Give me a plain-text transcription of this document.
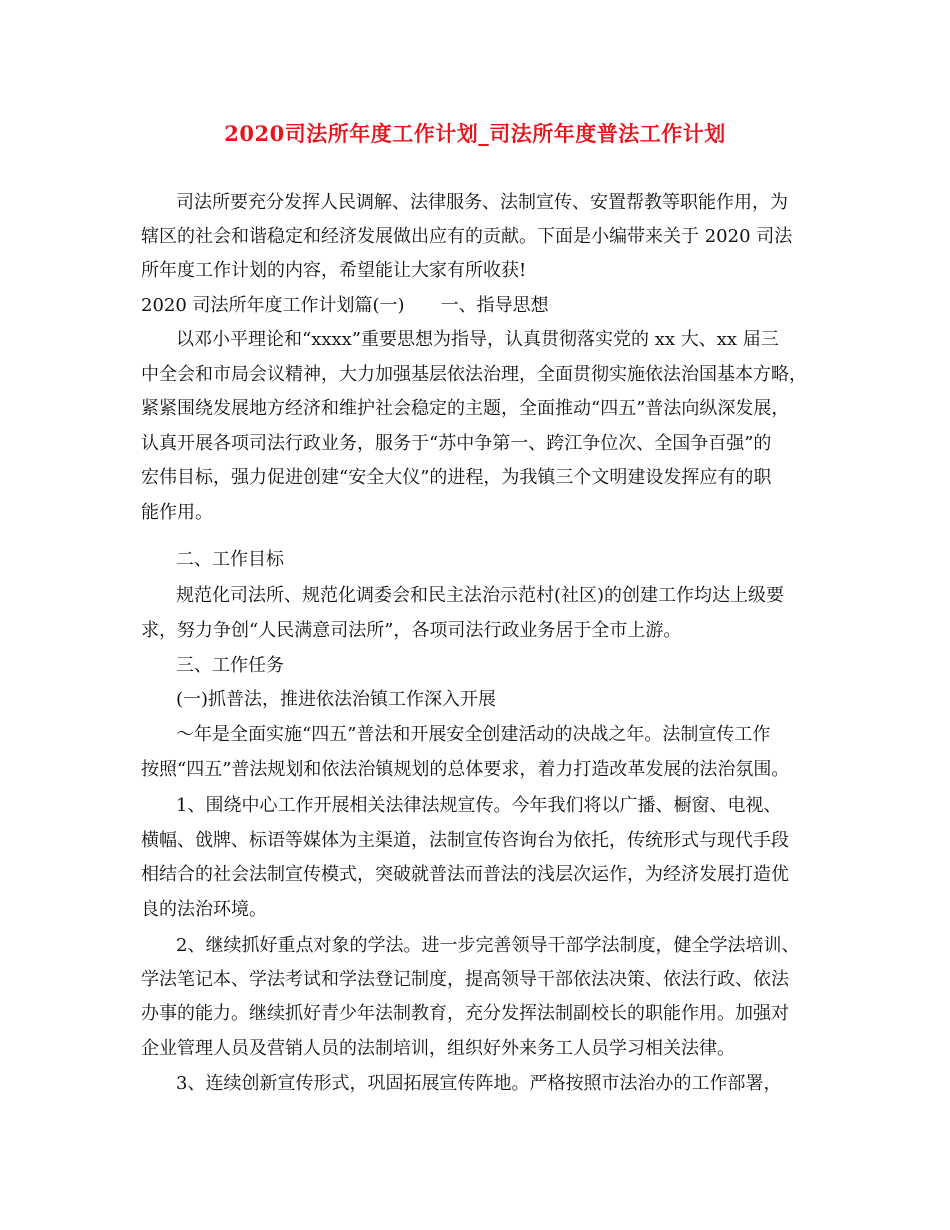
2020司法所年度工作计划_司法所年度普法工作计划
司法所要充分发挥人民调解、法律服务、法制宣传、安置帮教等职能作用，为
辖区的社会和谐稳定和经济发展做出应有的贡献。下面是小编带来关于 2020 司法
所年度工作计划的内容，希望能让大家有所收获!
2020 司法所年度工作计划篇(一)　　一、指导思想
以邓小平理论和“xxxx”重要思想为指导，认真贯彻落实党的 xx 大、xx 届三
中全会和市局会议精神，大力加强基层依法治理，全面贯彻实施依法治国基本方略，
紧紧围绕发展地方经济和维护社会稳定的主题，全面推动“四五”普法向纵深发展，
认真开展各项司法行政业务，服务于“苏中争第一、跨江争位次、全国争百强”的
宏伟目标，强力促进创建“安全大仪”的进程，为我镇三个文明建设发挥应有的职
能作用。
二、工作目标
规范化司法所、规范化调委会和民主法治示范村(社区)的创建工作均达上级要
求，努力争创“人民满意司法所”，各项司法行政业务居于全市上游。
三、工作任务
(一)抓普法，推进依法治镇工作深入开展
～年是全面实施“四五”普法和开展安全创建活动的决战之年。法制宣传工作
按照“四五”普法规划和依法治镇规划的总体要求，着力打造改革发展的法治氛围。
1、围绕中心工作开展相关法律法规宣传。今年我们将以广播、橱窗、电视、
横幅、戗牌、标语等媒体为主渠道，法制宣传咨询台为依托，传统形式与现代手段
相结合的社会法制宣传模式，突破就普法而普法的浅层次运作，为经济发展打造优
良的法治环境。
2、继续抓好重点对象的学法。进一步完善领导干部学法制度，健全学法培训、
学法笔记本、学法考试和学法登记制度，提高领导干部依法决策、依法行政、依法
办事的能力。继续抓好青少年法制教育，充分发挥法制副校长的职能作用。加强对
企业管理人员及营销人员的法制培训，组织好外来务工人员学习相关法律。
3、连续创新宣传形式，巩固拓展宣传阵地。严格按照市法治办的工作部署，
